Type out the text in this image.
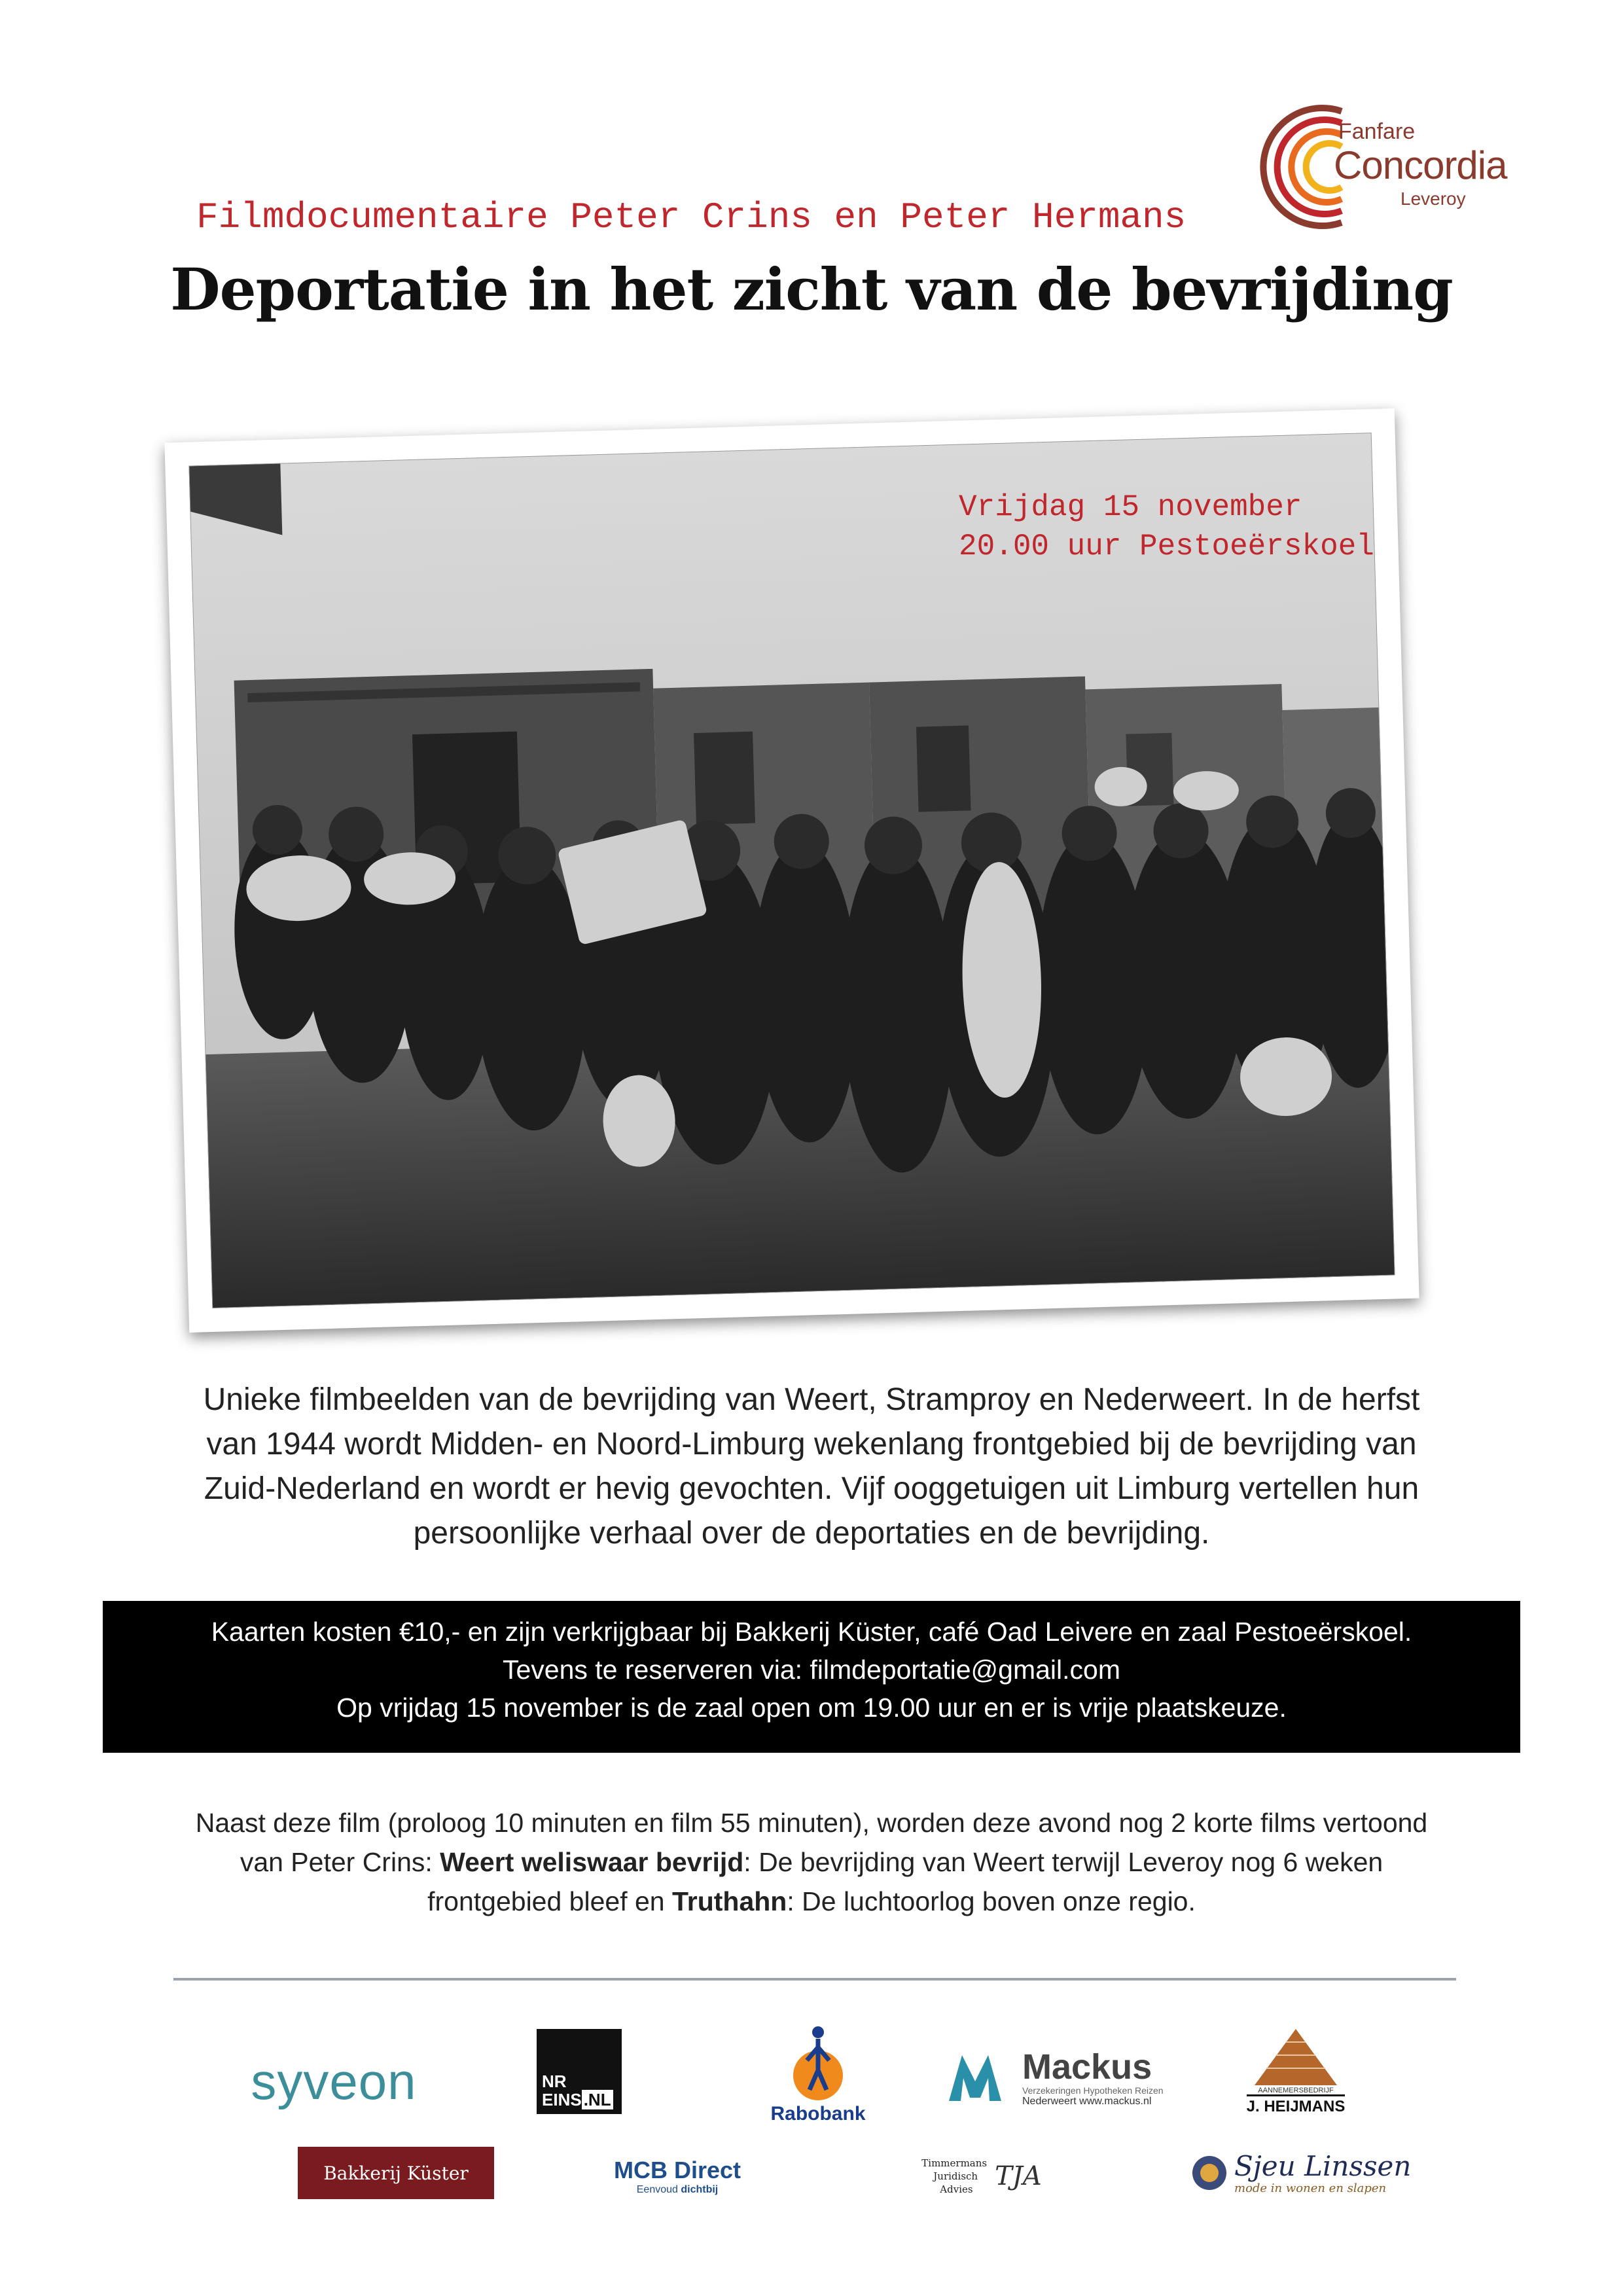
Filmdocumentaire Peter Crins en Peter Hermans
Deportatie in het zicht van de bevrijding
Fanfare
Concordia
Leveroy
Vrijdag 15 november
20.00 uur Pestoeërskoel
Unieke filmbeelden van de bevrijding van Weert, Stramproy en Nederweert. In de herfst
van 1944 wordt Midden- en Noord-Limburg wekenlang frontgebied bij de bevrijding van
Zuid-Nederland en wordt er hevig gevochten. Vijf ooggetuigen uit Limburg vertellen hun
persoonlijke verhaal over de deportaties en de bevrijding.
Kaarten kosten €10,- en zijn verkrijgbaar bij Bakkerij Küster, café Oad Leivere en zaal Pestoeërskoel.
Tevens te reserveren via: filmdeportatie@gmail.com
Op vrijdag 15 november is de zaal open om 19.00 uur en er is vrije plaatskeuze.
Naast deze film (proloog 10 minuten en film 55 minuten), worden deze avond nog 2 korte films vertoond
van Peter Crins: Weert weliswaar bevrijd: De bevrijding van Weert terwijl Leveroy nog 6 weken
frontgebied bleef en Truthahn: De luchtoorlog boven onze regio.
syveon	NR
EINS .NL
Rabobank
Mackus
Verzekeringen Hypotheken Reizen
Nederweert www.mackus.nl
AANNEMERSBEDRIJF
J. HEIJMANS
Bakkerij Küster	MCB Direct
Eenvoud dichtbij
Timmermans
Juridisch
Advies TJA	Sjeu Linssen
mode in wonen en slapen
